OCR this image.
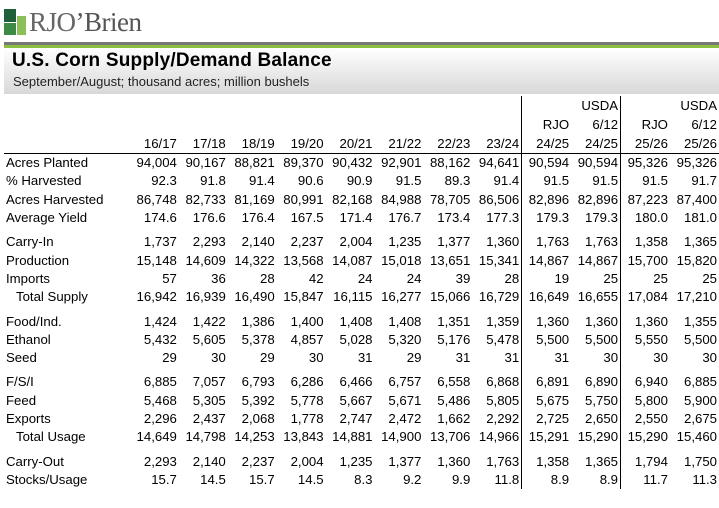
RJO’Brien
U.S. Corn Supply/Demand Balance
September/August; thousand acres; million bushels
										USDA		USDA
									RJO	6/12	RJO	6/12
	16/17	17/18	18/19	19/20	20/21	21/22	22/23	23/24	24/25	24/25	25/26	25/26
Acres Planted	94,004	90,167	88,821	89,370	90,432	92,901	88,162	94,641	90,594	90,594	95,326	95,326
% Harvested	92.3	91.8	91.4	90.6	90.9	91.5	89.3	91.4	91.5	91.5	91.5	91.7
Acres Harvested	86,748	82,733	81,169	80,991	82,168	84,988	78,705	86,506	82,896	82,896	87,223	87,400
Average Yield	174.6	176.6	176.4	167.5	171.4	176.7	173.4	177.3	179.3	179.3	180.0	181.0

Carry-In	1,737	2,293	2,140	2,237	2,004	1,235	1,377	1,360	1,763	1,763	1,358	1,365
Production	15,148	14,609	14,322	13,568	14,087	15,018	13,651	15,341	14,867	14,867	15,700	15,820
Imports	57	36	28	42	24	24	39	28	19	25	25	25
Total Supply	16,942	16,939	16,490	15,847	16,115	16,277	15,066	16,729	16,649	16,655	17,084	17,210

Food/Ind.	1,424	1,422	1,386	1,400	1,408	1,408	1,351	1,359	1,360	1,360	1,360	1,355
Ethanol	5,432	5,605	5,378	4,857	5,028	5,320	5,176	5,478	5,500	5,500	5,550	5,500
Seed	29	30	29	30	31	29	31	31	31	30	30	30

F/S/I	6,885	7,057	6,793	6,286	6,466	6,757	6,558	6,868	6,891	6,890	6,940	6,885
Feed	5,468	5,305	5,392	5,778	5,667	5,671	5,486	5,805	5,675	5,750	5,800	5,900
Exports	2,296	2,437	2,068	1,778	2,747	2,472	1,662	2,292	2,725	2,650	2,550	2,675
Total Usage	14,649	14,798	14,253	13,843	14,881	14,900	13,706	14,966	15,291	15,290	15,290	15,460

Carry-Out	2,293	2,140	2,237	2,004	1,235	1,377	1,360	1,763	1,358	1,365	1,794	1,750
Stocks/Usage	15.7	14.5	15.7	14.5	8.3	9.2	9.9	11.8	8.9	8.9	11.7	11.3
